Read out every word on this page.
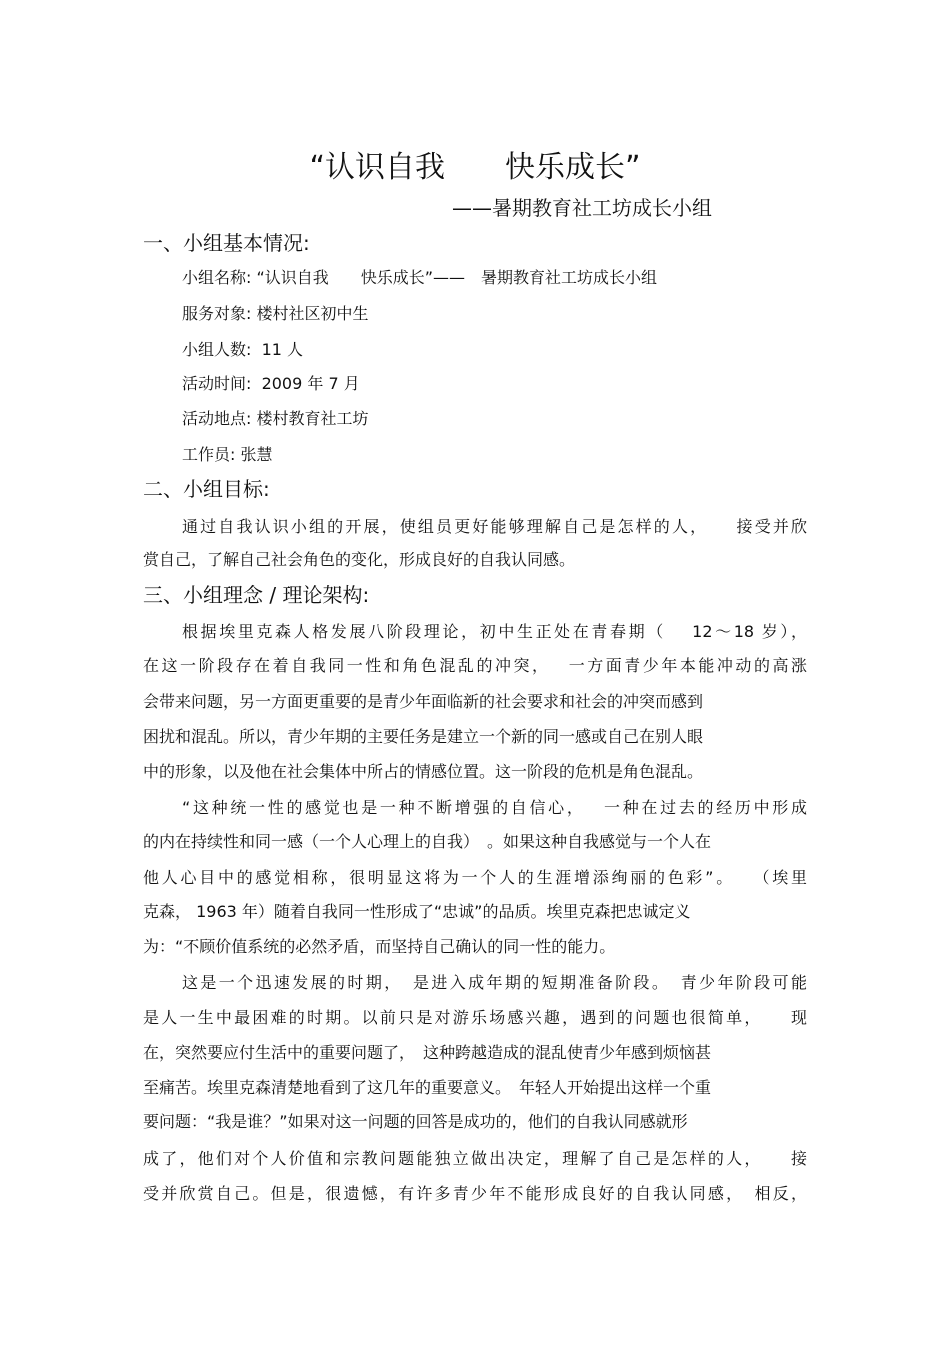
“认识自我　　快乐成长”
——暑期教育社工坊成长小组
一、小组基本情况:
小组名称: “认识自我　　快乐成长”——　暑期教育社工坊成长小组
服务对象: 楼村社区初中生
小组人数:  11 人
活动时间:  2009 年 7 月
活动地点: 楼村教育社工坊
工作员: 张慧
二、小组目标:
通过自我认识小组的开展，使组员更好能够理解自己是怎样的人，　　接受并欣
赏自己，了解自己社会角色的变化，形成良好的自我认同感。
三、小组理念 / 理论架构:
根据埃里克森人格发展八阶段理论，初中生正处在青春期（　 12～18 岁），
在这一阶段存在着自我同一性和角色混乱的冲突，　 一方面青少年本能冲动的高涨
会带来问题，另一方面更重要的是青少年面临新的社会要求和社会的冲突而感到
困扰和混乱。所以，青少年期的主要任务是建立一个新的同一感或自己在别人眼
中的形象，以及他在社会集体中所占的情感位置。这一阶段的危机是角色混乱。
“这种统一性的感觉也是一种不断增强的自信心，　 一种在过去的经历中形成
的内在持续性和同一感（一个人心理上的自我）　。如果这种自我感觉与一个人在
他人心目中的感觉相称，很明显这将为一个人的生涯增添绚丽的色彩”。　 （埃里
克森， 1963 年）随着自我同一性形成了“忠诚”的品质。埃里克森把忠诚定义
为：“不顾价值系统的必然矛盾，而坚持自己确认的同一性的能力。
这是一个迅速发展的时期，　是进入成年期的短期准备阶段。　青少年阶段可能
是人一生中最困难的时期。以前只是对游乐场感兴趣，遇到的问题也很简单，　　现
在，突然要应付生活中的重要问题了，　这种跨越造成的混乱使青少年感到烦恼甚
至痛苦。埃里克森清楚地看到了这几年的重要意义。　年轻人开始提出这样一个重
要问题：“我是谁？”如果对这一问题的回答是成功的，他们的自我认同感就形
成了，他们对个人价值和宗教问题能独立做出决定，理解了自己是怎样的人，　　接
受并欣赏自己。但是，很遗憾，有许多青少年不能形成良好的自我认同感，　相反，
